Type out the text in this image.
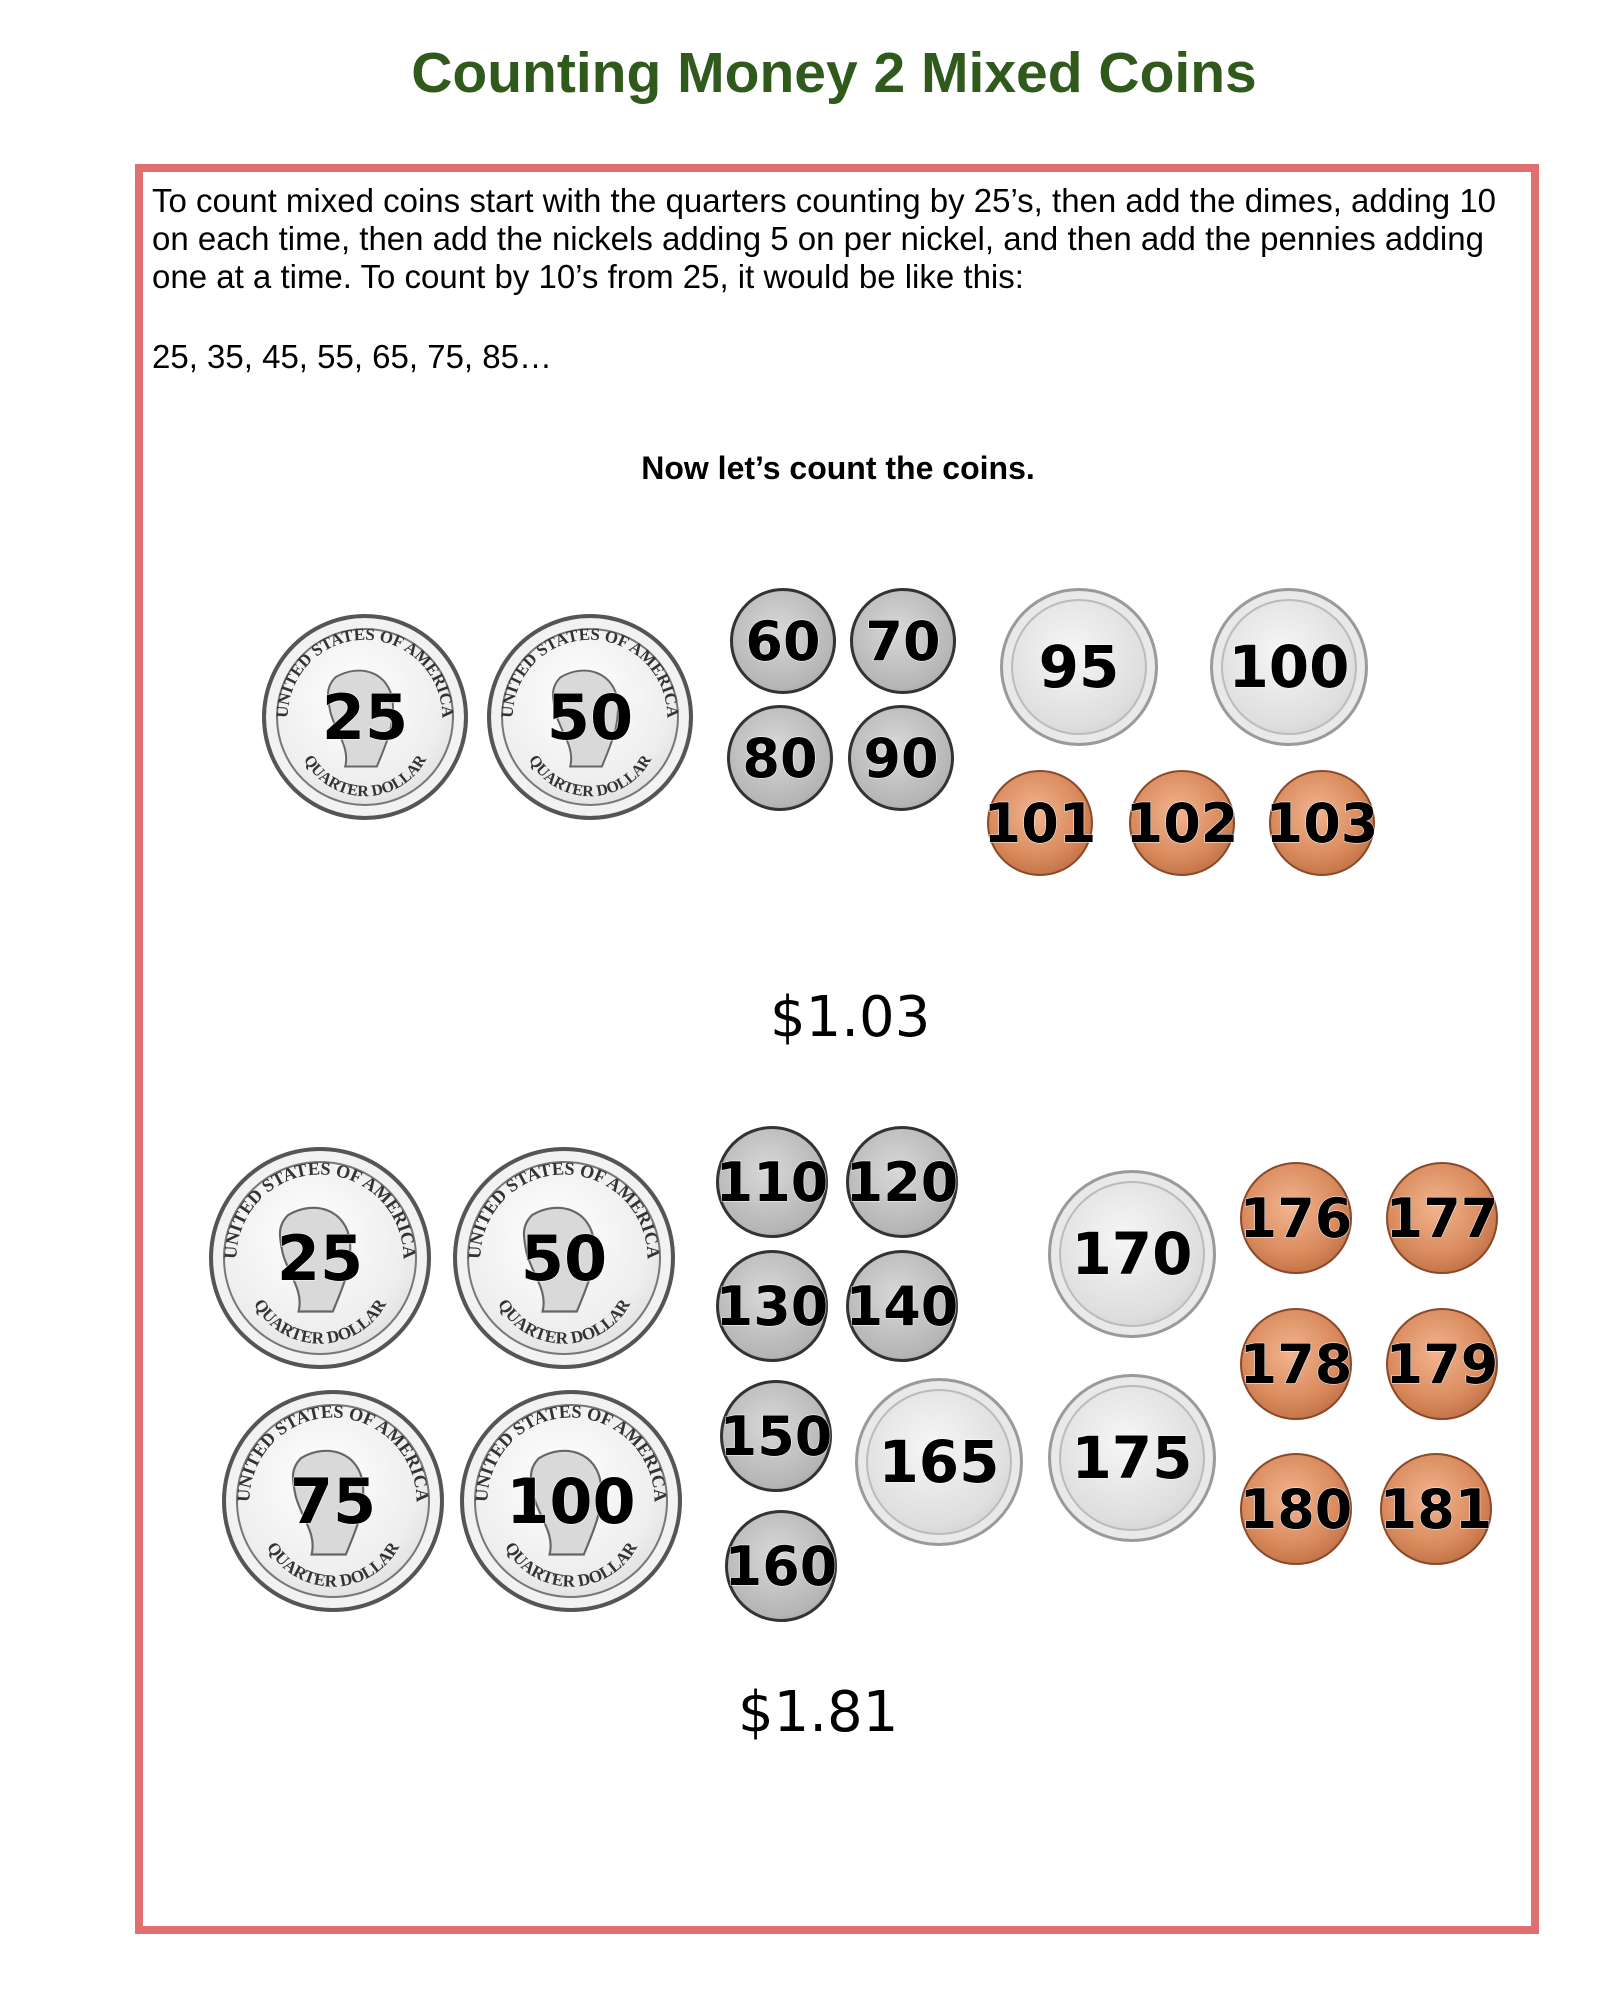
Counting Money 2 Mixed Coins
To count mixed coins start with the quarters counting by 25’s, then add the dimes, adding 10 on each time, then add the nickels adding 5 on per nickel, and then add the pennies adding one at a time. To count by 10’s from 25, it would be like this:
25, 35, 45, 55, 65, 75, 85…
Now let’s count the coins.
UNITED STATES OF AMERICA
QUARTER DOLLAR
25	UNITED STATES OF AMERICA
QUARTER DOLLAR
50
60 70
80 90
95 100
101 102 103
$1.03
UNITED STATES OF AMERICA
QUARTER DOLLAR
25	UNITED STATES OF AMERICA
QUARTER DOLLAR
50
UNITED STATES OF AMERICA
QUARTER DOLLAR
75	UNITED STATES OF AMERICA
QUARTER DOLLAR
100
110 120
130 140
150
160
165
170
175
176 177
178 179
180 181
$1.81
